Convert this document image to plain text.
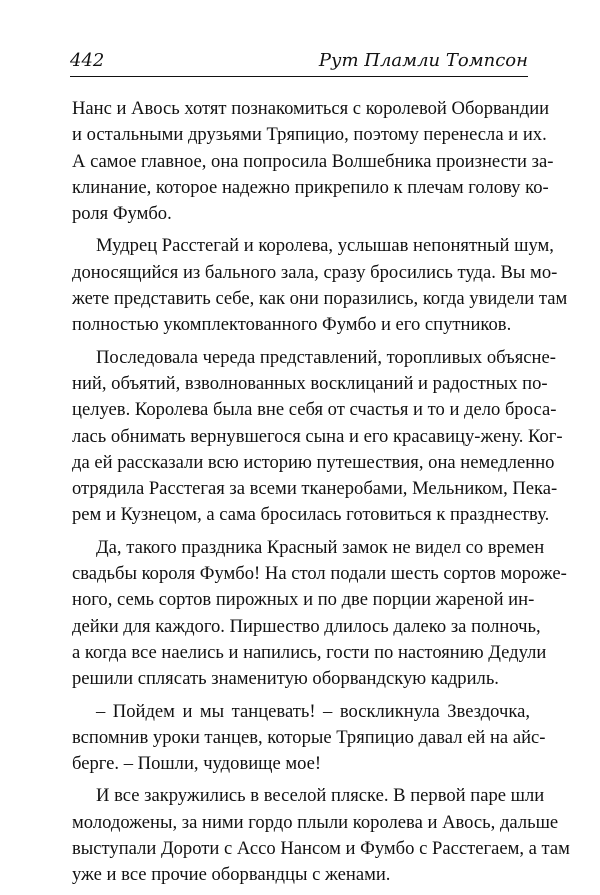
442	Рут Пламли Томпсон
Нанс и Авось хотят познакомиться с королевой Оборвандии
и остальными друзьями Тряпицио, поэтому перенесла и их.
А самое главное, она попросила Волшебника произнести за-
клинание, которое надежно прикрепило к плечам голову ко-
роля Фумбо.
Мудрец Расстегай и королева, услышав непонятный шум,
доносящийся из бального зала, сразу бросились туда. Вы мо-
жете представить себе, как они поразились, когда увидели там
полностью укомплектованного Фумбо и его спутников.
Последовала череда представлений, торопливых объяснe-
ний, объятий, взволнованных восклицаний и радостных по-
целуев. Королева была вне себя от счастья и то и дело броса-
лась обнимать вернувшегося сына и его красавицу-жену. Ког-
да ей рассказали всю историю путешествия, она немедленно
отрядила Расстегая за всеми тканеробами, Мельником, Пека-
рем и Кузнецом, а сама бросилась готовиться к празднеству.
Да, такого праздника Красный замок не видел со времен
свадьбы короля Фумбо! На стол подали шесть сортов мороже-
ного, семь сортов пирожных и по две порции жареной ин-
дейки для каждого. Пиршество длилось далеко за полночь,
а когда все наелись и напились, гости по настоянию Дедули
решили сплясать знаменитую оборвандскую кадриль.
– Пойдем и мы танцевать! – воскликнула Звездочка,
вспомнив уроки танцев, которые Тряпицио давал ей на айс-
берге. – Пошли, чудовище мое!
И все закружились в веселой пляске. В первой паре шли
молодожены, за ними гордо плыли королева и Авось, дальше
выступали Дороти с Ассо Нансом и Фумбо с Расстегаем, а там
уже и все прочие оборвандцы с женами.
